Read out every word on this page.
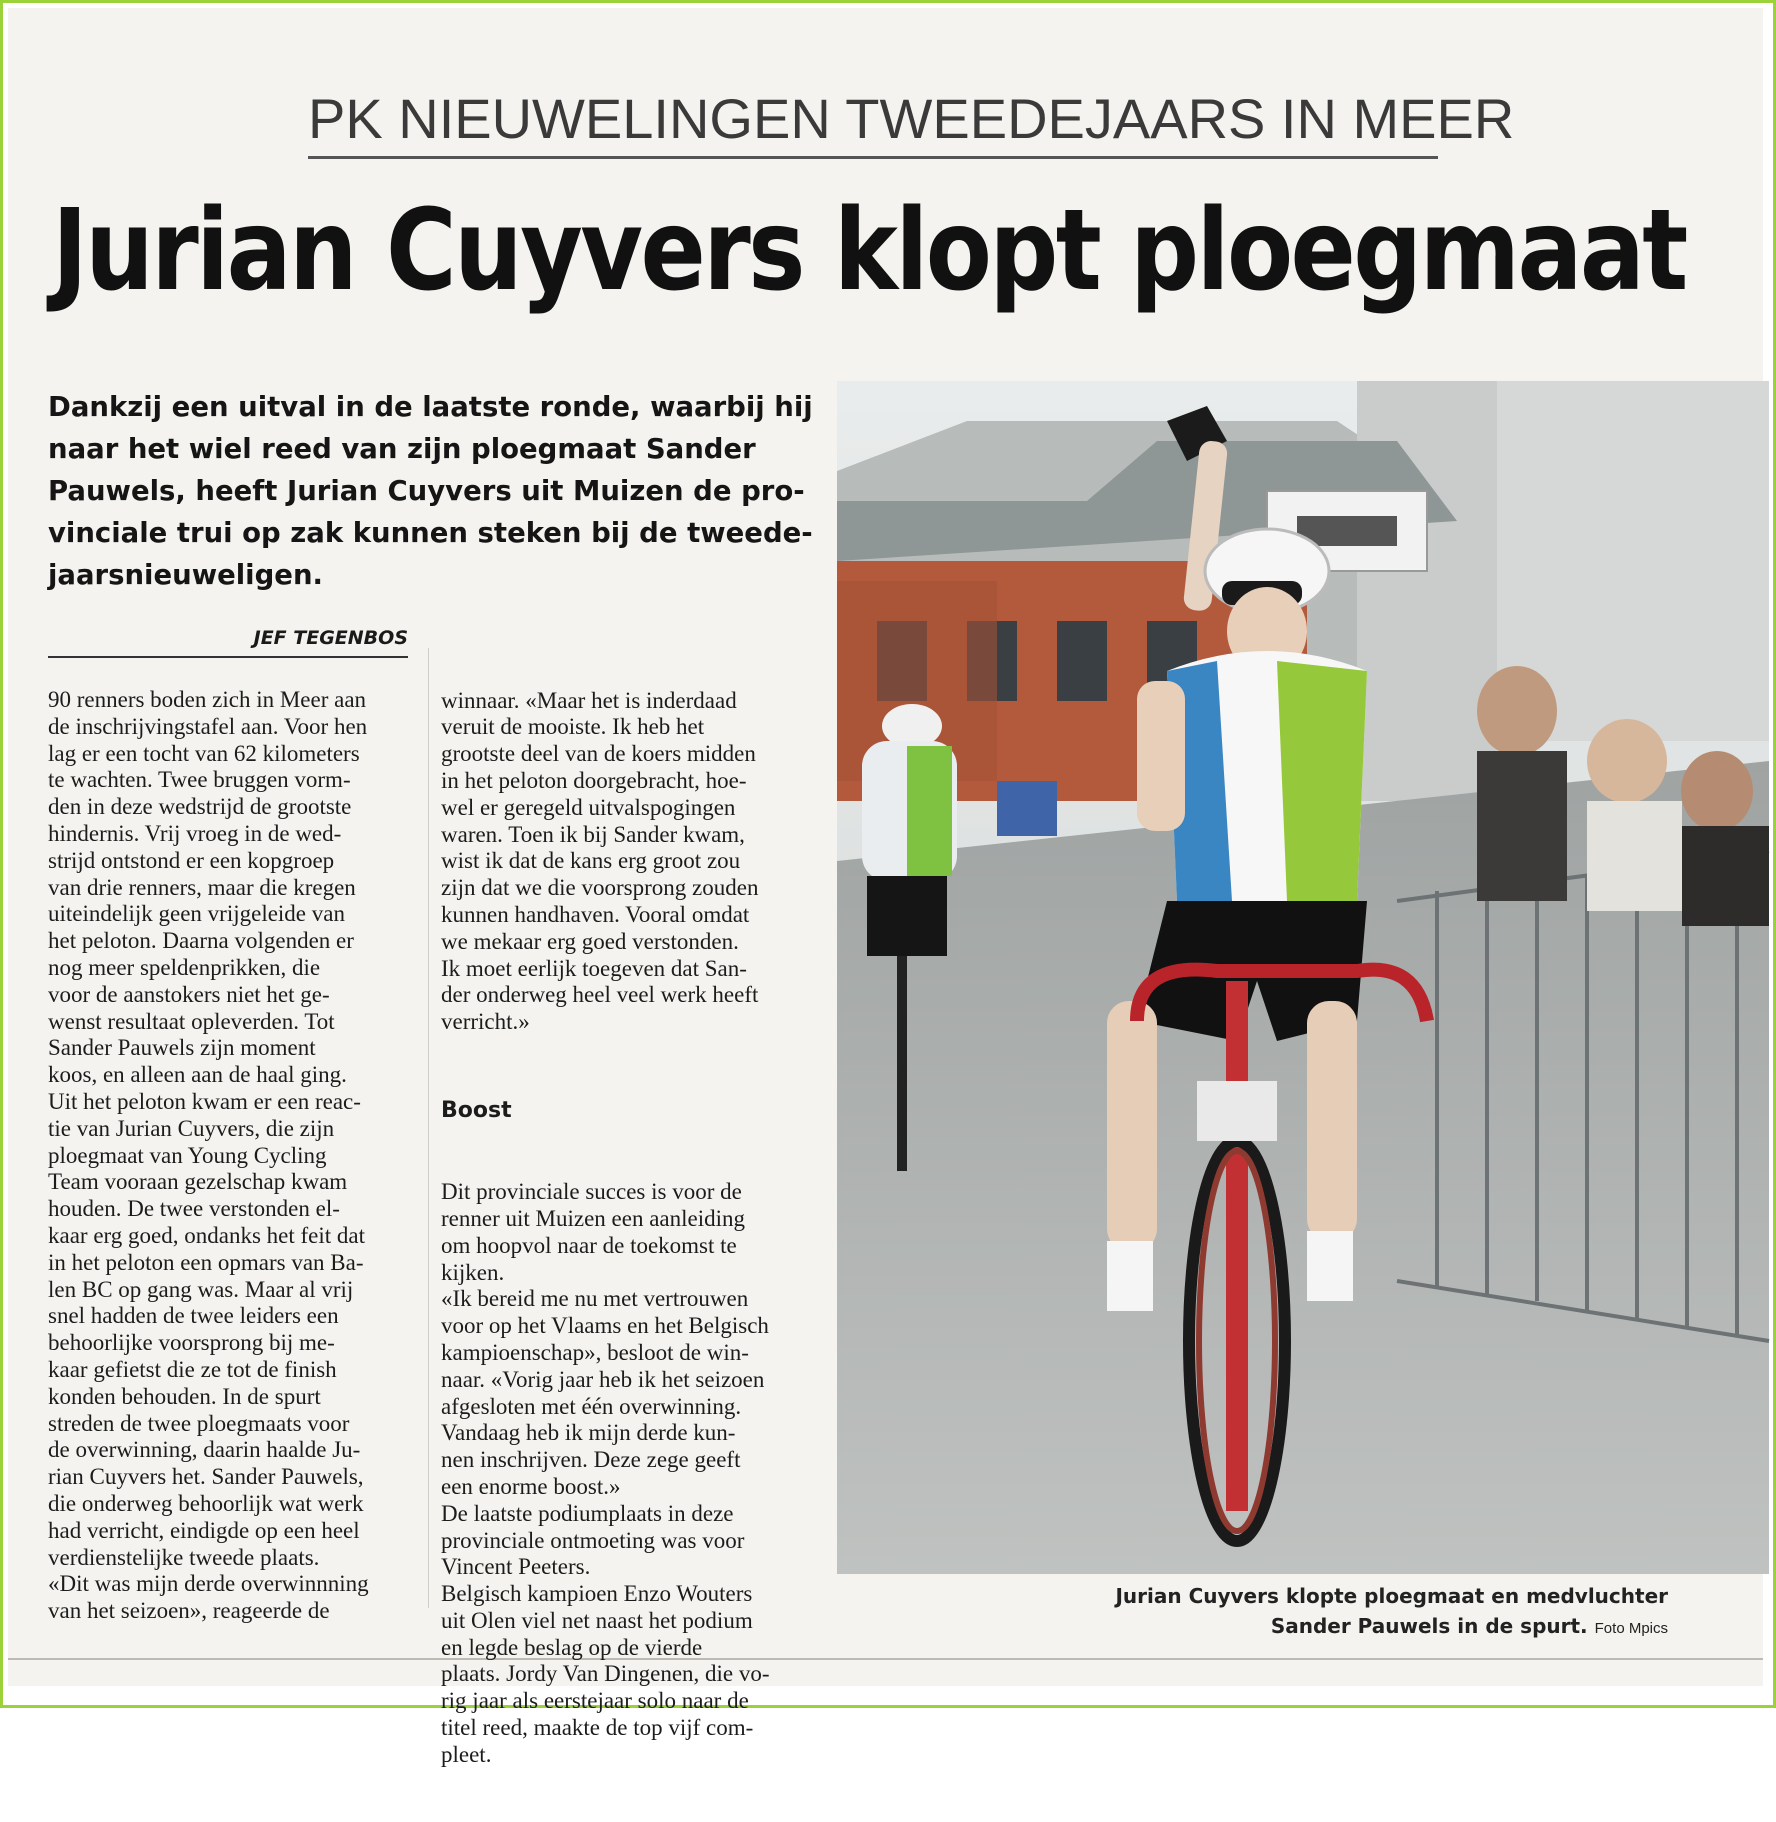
PK NIEUWELINGEN TWEEDEJAARS IN MEER
Jurian Cuyvers klopt ploegmaat
Dankzij een uitval in de laatste ronde, waarbij hij
naar het wiel reed van zijn ploegmaat Sander
Pauwels, heeft Jurian Cuyvers uit Muizen de pro-
vinciale trui op zak kunnen steken bij de tweede-
jaarsnieuweligen.
JEF TEGENBOS
90 renners boden zich in Meer aan
de inschrijvingstafel aan. Voor hen
lag er een tocht van 62 kilometers
te wachten. Twee bruggen vorm-
den in deze wedstrijd de grootste
hindernis. Vrij vroeg in de wed-
strijd ontstond er een kopgroep
van drie renners, maar die kregen
uiteindelijk geen vrijgeleide van
het peloton. Daarna volgenden er
nog meer speldenprikken, die
voor de aanstokers niet het ge-
wenst resultaat opleverden. Tot
Sander Pauwels zijn moment
koos, en alleen aan de haal ging.
Uit het peloton kwam er een reac-
tie van Jurian Cuyvers, die zijn
ploegmaat van Young Cycling
Team vooraan gezelschap kwam
houden. De twee verstonden el-
kaar erg goed, ondanks het feit dat
in het peloton een opmars van Ba-
len BC op gang was. Maar al vrij
snel hadden de twee leiders een
behoorlijke voorsprong bij me-
kaar gefietst die ze tot de finish
konden behouden. In de spurt
streden de twee ploegmaats voor
de overwinning, daarin haalde Ju-
rian Cuyvers het. Sander Pauwels,
die onderweg behoorlijk wat werk
had verricht, eindigde op een heel
verdienstelijke tweede plaats.
«Dit was mijn derde overwinnning
van het seizoen», reageerde de

winnaar. «Maar het is inderdaad
veruit de mooiste. Ik heb het
grootste deel van de koers midden
in het peloton doorgebracht, hoe-
wel er geregeld uitvalspogingen
waren. Toen ik bij Sander kwam,
wist ik dat de kans erg groot zou
zijn dat we die voorsprong zouden
kunnen handhaven. Vooral omdat
we mekaar erg goed verstonden.
Ik moet eerlijk toegeven dat San-
der onderweg heel veel werk heeft
verricht.»

Boost

Dit provinciale succes is voor de
renner uit Muizen een aanleiding
om hoopvol naar de toekomst te
kijken.
«Ik bereid me nu met vertrouwen
voor op het Vlaams en het Belgisch
kampioenschap», besloot de win-
naar. «Vorig jaar heb ik het seizoen
afgesloten met één overwinning.
Vandaag heb ik mijn derde kun-
nen inschrijven. Deze zege geeft
een enorme boost.»
De laatste podiumplaats in deze
provinciale ontmoeting was voor
Vincent Peeters.
Belgisch kampioen Enzo Wouters
uit Olen viel net naast het podium
en legde beslag op de vierde
plaats. Jordy Van Dingenen, die vo-
rig jaar als eerstejaar solo naar de
titel reed, maakte de top vijf com-
pleet.

Jurian Cuyvers klopte ploegmaat en medvluchter
Sander Pauwels in de spurt. Foto Mpics
